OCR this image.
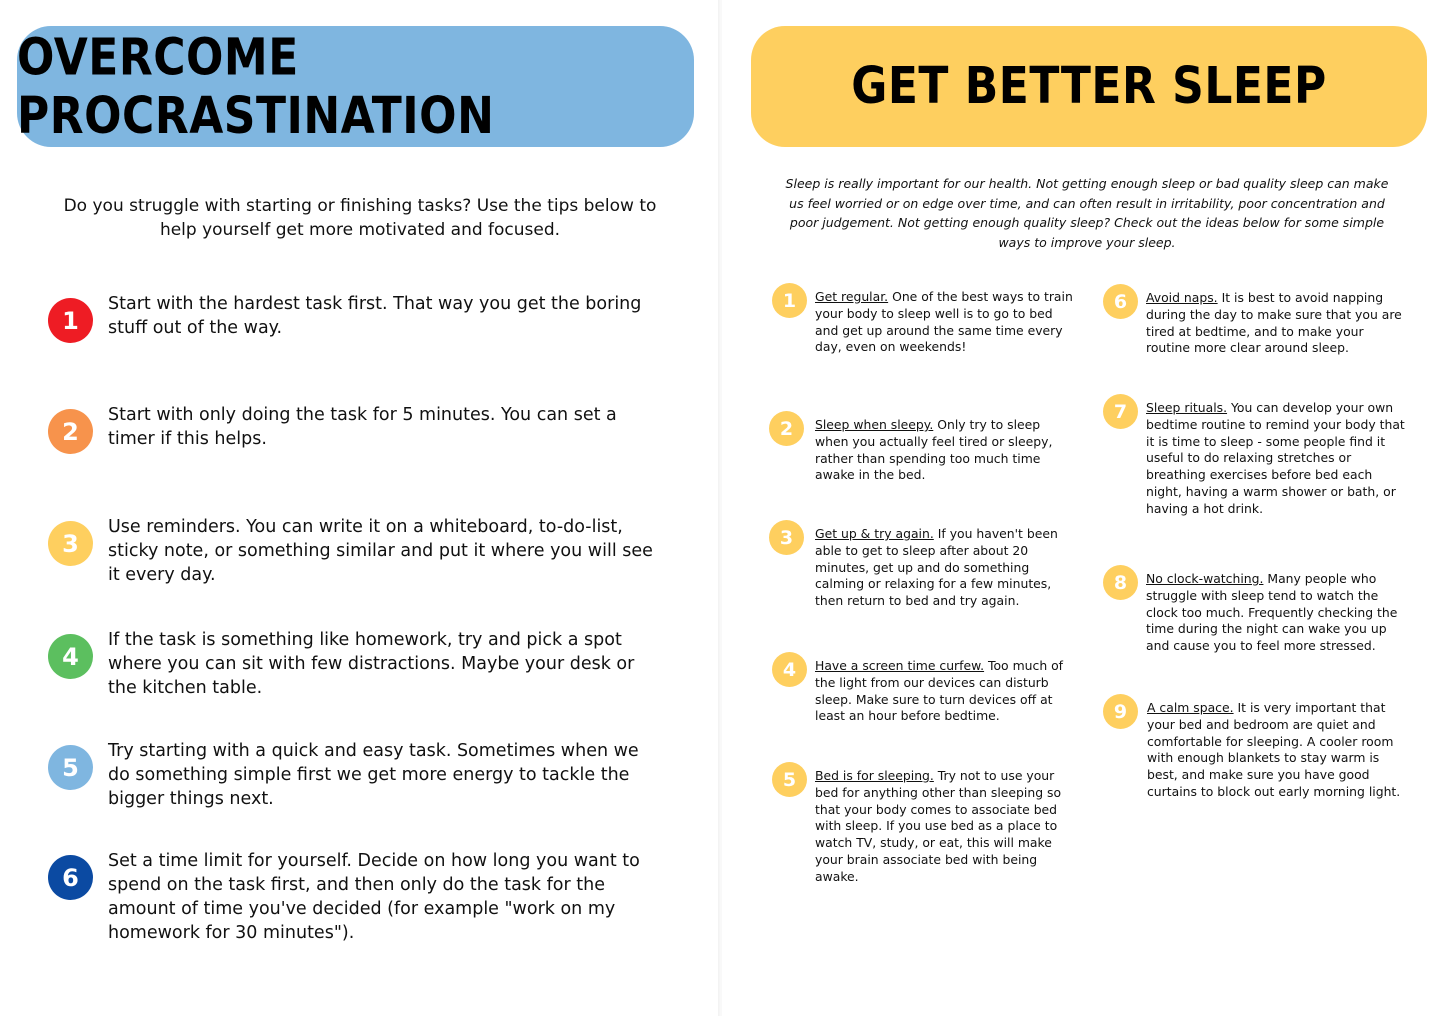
OVERCOME PROCRASTINATION
Do you struggle with starting or finishing tasks? Use the tips below to help yourself get more motivated and focused.
1
Start with the hardest task first. That way you get the boring stuff out of the way.
2
Start with only doing the task for 5 minutes. You can set a timer if this helps.
3
Use reminders. You can write it on a whiteboard, to-do-list, sticky note, or something similar and put it where you will see it every day.
4
If the task is something like homework, try and pick a spot where you can sit with few distractions. Maybe your desk or the kitchen table.
5
Try starting with a quick and easy task. Sometimes when we do something simple first we get more energy to tackle the bigger things next.
6
Set a time limit for yourself. Decide on how long you want to spend on the task first, and then only do the task for the amount of time you've decided (for example "work on my homework for 30 minutes").
GET BETTER SLEEP
Sleep is really important for our health. Not getting enough sleep or bad quality sleep can make us feel worried or on edge over time, and can often result in irritability, poor concentration and poor judgement. Not getting enough quality sleep? Check out the ideas below for some simple ways to improve your sleep.
1	Get regular. One of the best ways to train your body to sleep well is to go to bed and get up around the same time every day, even on weekends!
2	Sleep when sleepy. Only try to sleep when you actually feel tired or sleepy, rather than spending too much time awake in the bed.
3	Get up & try again. If you haven't been able to get to sleep after about 20 minutes, get up and do something calming or relaxing for a few minutes, then return to bed and try again.
4	Have a screen time curfew. Too much of the light from our devices can disturb sleep. Make sure to turn devices off at least an hour before bedtime.
5	Bed is for sleeping. Try not to use your bed for anything other than sleeping so that your body comes to associate bed with sleep. If you use bed as a place to watch TV, study, or eat, this will make your brain associate bed with being awake.
6	Avoid naps. It is best to avoid napping during the day to make sure that you are tired at bedtime, and to make your routine more clear around sleep.
7	Sleep rituals. You can develop your own bedtime routine to remind your body that it is time to sleep - some people find it useful to do relaxing stretches or breathing exercises before bed each night, having a warm shower or bath, or having a hot drink.
8	No clock-watching. Many people who struggle with sleep tend to watch the clock too much. Frequently checking the time during the night can wake you up and cause you to feel more stressed.
9	A calm space. It is very important that your bed and bedroom are quiet and comfortable for sleeping. A cooler room with enough blankets to stay warm is best, and make sure you have good curtains to block out early morning light.
